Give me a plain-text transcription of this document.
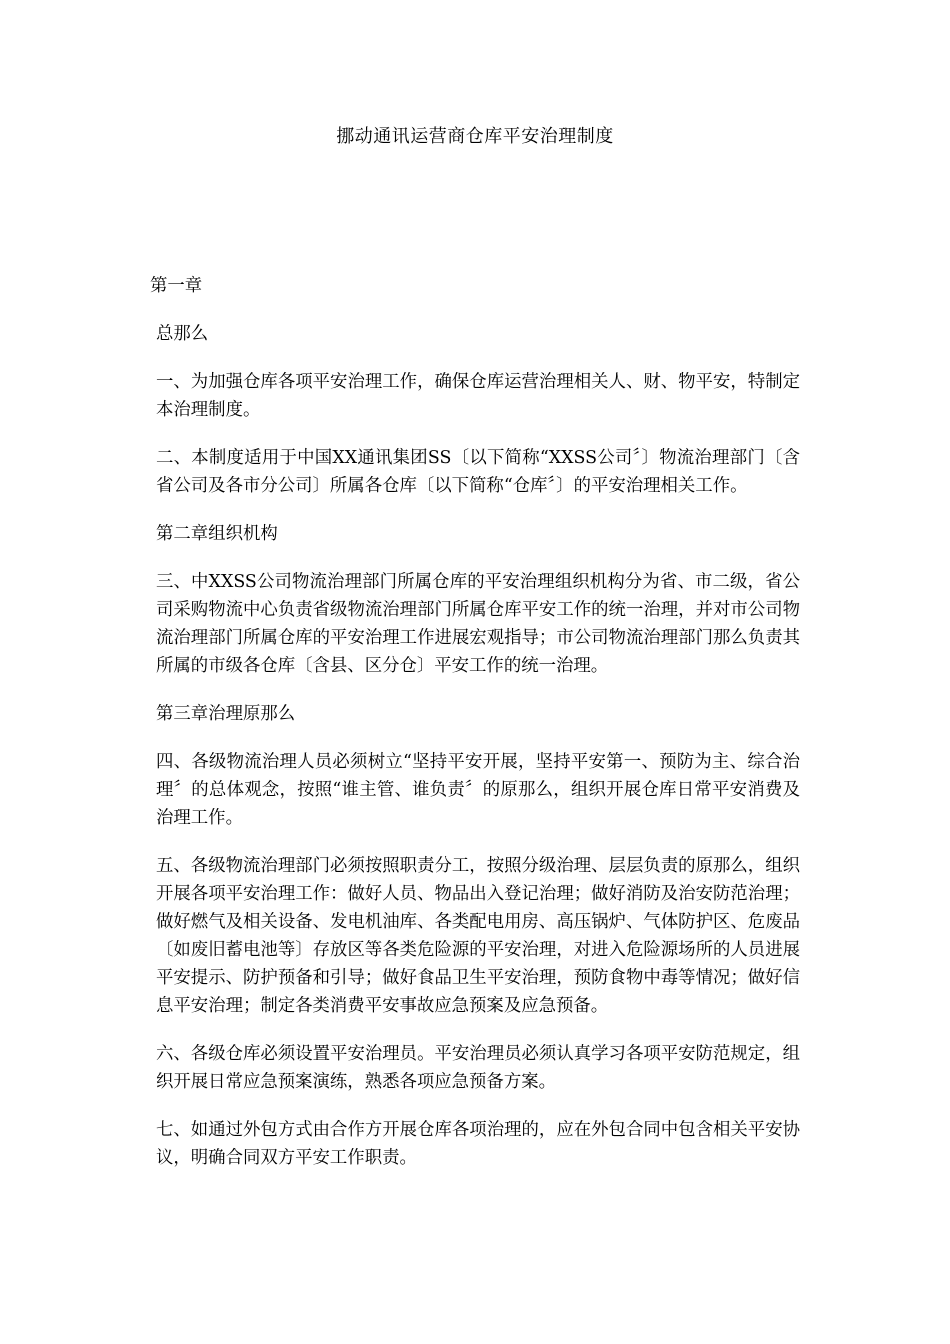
挪动通讯运营商仓库平安治理制度

第一章

总那么

一、为加强仓库各项平安治理工作，确保仓库运营治理相关人、财、物平安，特制定本治理制度。

二、本制度适用于中国XX通讯集团SS〔以下简称“XXSS公司〞〕物流治理部门〔含省公司及各市分公司〕所属各仓库〔以下简称“仓库〞〕的平安治理相关工作。

第二章组织机构

三、中XXSS公司物流治理部门所属仓库的平安治理组织机构分为省、市二级，省公司采购物流中心负责省级物流治理部门所属仓库平安工作的统一治理，并对市公司物流治理部门所属仓库的平安治理工作进展宏观指导；市公司物流治理部门那么负责其所属的市级各仓库〔含县、区分仓〕平安工作的统一治理。

第三章治理原那么

四、各级物流治理人员必须树立“坚持平安开展，坚持平安第一、预防为主、综合治理〞的总体观念，按照“谁主管、谁负责〞的原那么，组织开展仓库日常平安消费及治理工作。

五、各级物流治理部门必须按照职责分工，按照分级治理、层层负责的原那么，组织开展各项平安治理工作：做好人员、物品出入登记治理；做好消防及治安防范治理；做好燃气及相关设备、发电机油库、各类配电用房、高压锅炉、气体防护区、危废品〔如废旧蓄电池等〕存放区等各类危险源的平安治理，对进入危险源场所的人员进展平安提示、防护预备和引导；做好食品卫生平安治理，预防食物中毒等情况；做好信息平安治理；制定各类消费平安事故应急预案及应急预备。

六、各级仓库必须设置平安治理员。平安治理员必须认真学习各项平安防范规定，组织开展日常应急预案演练，熟悉各项应急预备方案。

七、如通过外包方式由合作方开展仓库各项治理的，应在外包合同中包含相关平安协议，明确合同双方平安工作职责。
